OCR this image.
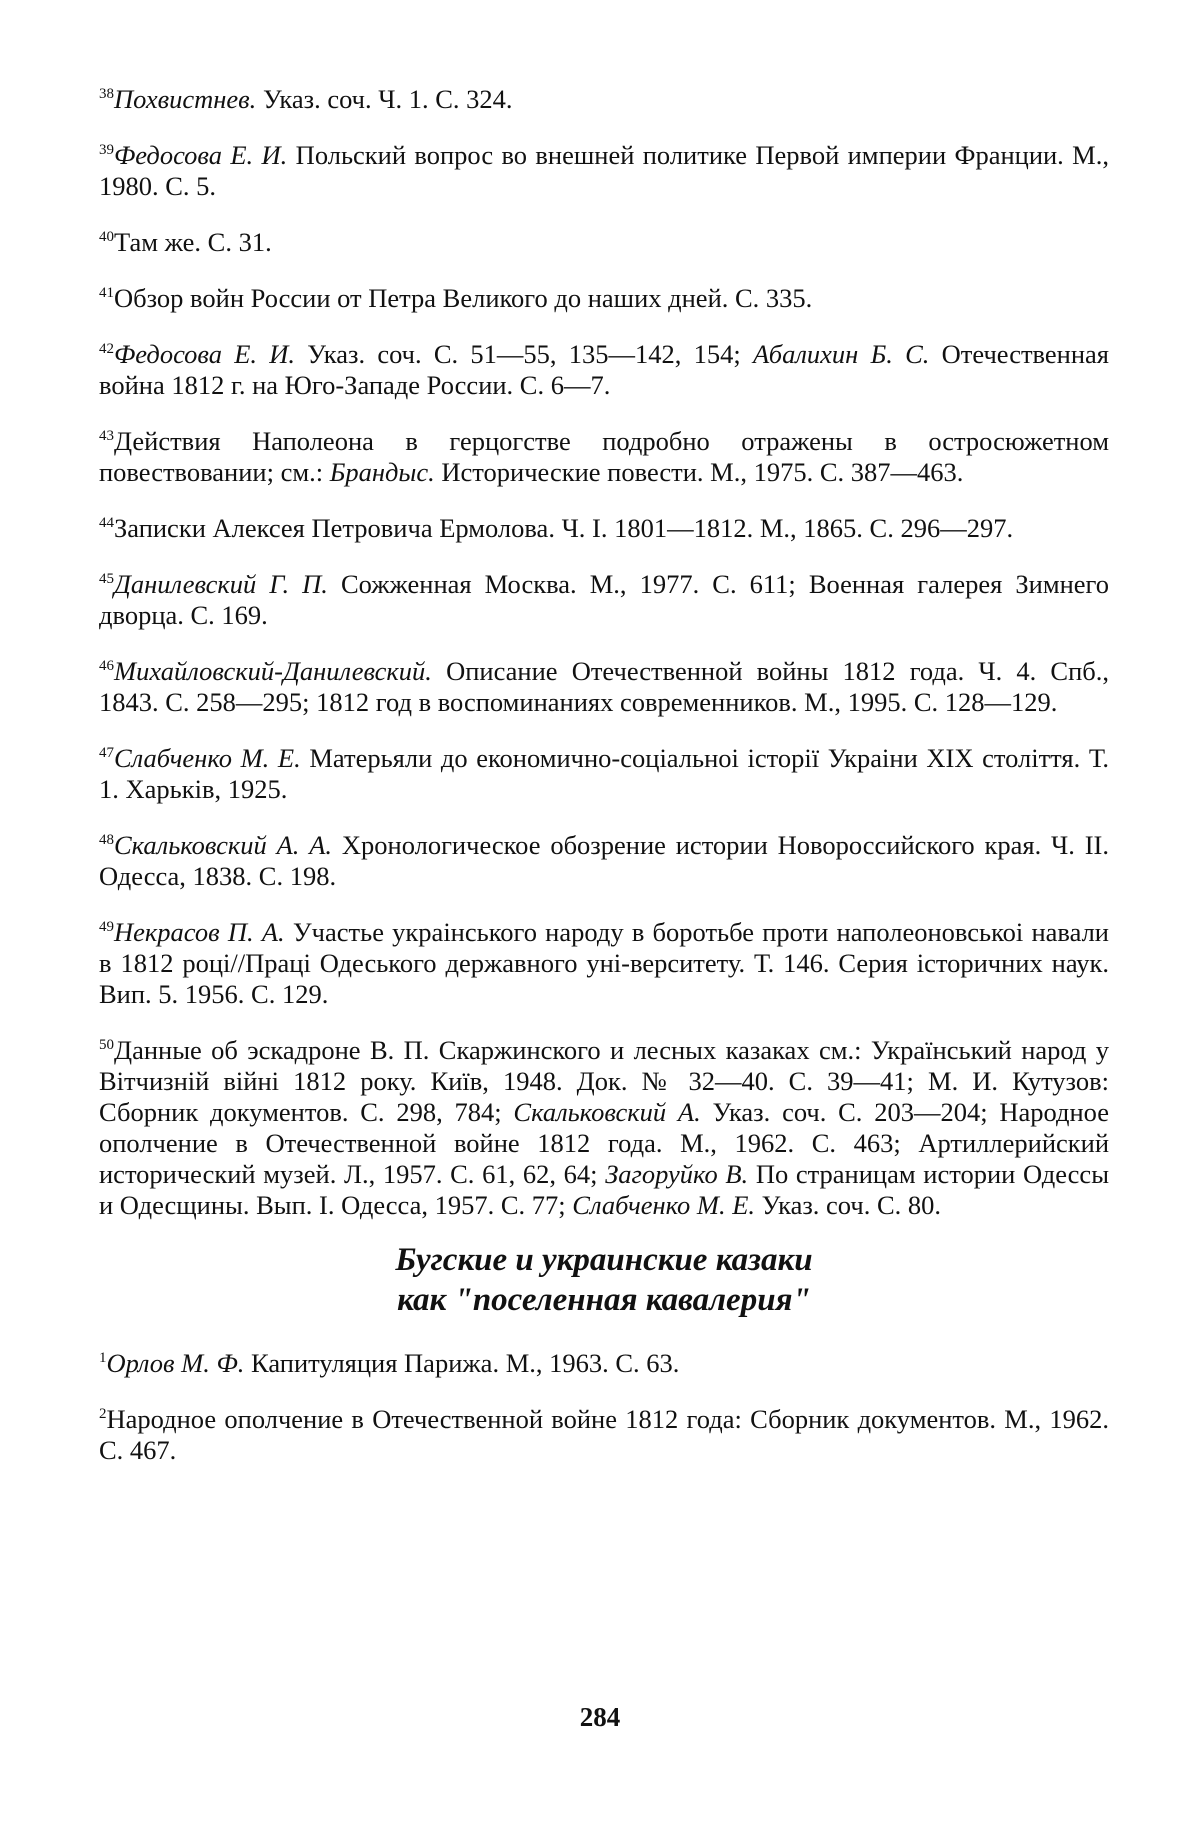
$^{38}$Похвистнев. Указ. соч. Ч. 1. С. 324.

$^{39}$Федосова Е. И. Польский вопрос во внешней политике Первой империи Франции. М., 1980. С. 5.

$^{40}$Там же. С. 31.

$^{41}$Обзор войн России от Петра Великого до наших дней. С. 335.

$^{42}$Федосова Е. И. Указ. соч. С. 51—55, 135—142, 154; Абалихин Б. С. Отечественная война 1812 г. на Юго-Западе России. С. 6—7.

$^{43}$Действия Наполеона в герцогстве подробно отражены в остросюжетном повествовании; см.: Брандыс. Исторические повести. М., 1975. С. 387—463.

$^{44}$Записки Алексея Петровича Ермолова. Ч. I. 1801—1812. М., 1865. С. 296—297.

$^{45}$Данилевский Г. П. Сожженная Москва. М., 1977. С. 611; Военная галерея Зимнего дворца. С. 169.

$^{46}$Михайловский-Данилевский. Описание Отечественной войны 1812 года. Ч. 4. Спб., 1843. С. 258—295; 1812 год в воспоминаниях современников. М., 1995. С. 128—129.

$^{47}$Слабченко М. Е. Матерьяли до економично-соціальноі історії Украіни XIX століття. Т. 1. Харьків, 1925.

$^{48}$Скальковский А. А. Хронологическое обозрение истории Новороссийского края. Ч. II. Одесса, 1838. С. 198.

$^{49}$Некрасов П. А. Участье украінського народу в боротьбе проти наполеоновськоі навали в 1812 році//Праці Одеського державного уні-верситету. Т. 146. Серия історичних наук. Вип. 5. 1956. С. 129.

$^{50}$Данные об эскадроне В. П. Скаржинского и лесных казаках см.: Український народ у Вітчизній війні 1812 року. Київ, 1948. Док. № 32—40. С. 39—41; М. И. Кутузов: Сборник документов. С. 298, 784; Скальковский А. Указ. соч. С. 203—204; Народное ополчение в Отечественной войне 1812 года. М., 1962. С. 463; Артиллерийский исторический музей. Л., 1957. С. 61, 62, 64; Загоруйко В. По страницам истории Одессы и Одесщины. Вып. I. Одесса, 1957. С. 77; Слабченко М. Е. Указ. соч. С. 80.

Бугские и украинские казаки
как "поселенная кавалерия"

$^1$Орлов М. Ф. Капитуляция Парижа. М., 1963. С. 63.

$^2$Народное ополчение в Отечественной войне 1812 года: Сборник документов. М., 1962. С. 467.

284
